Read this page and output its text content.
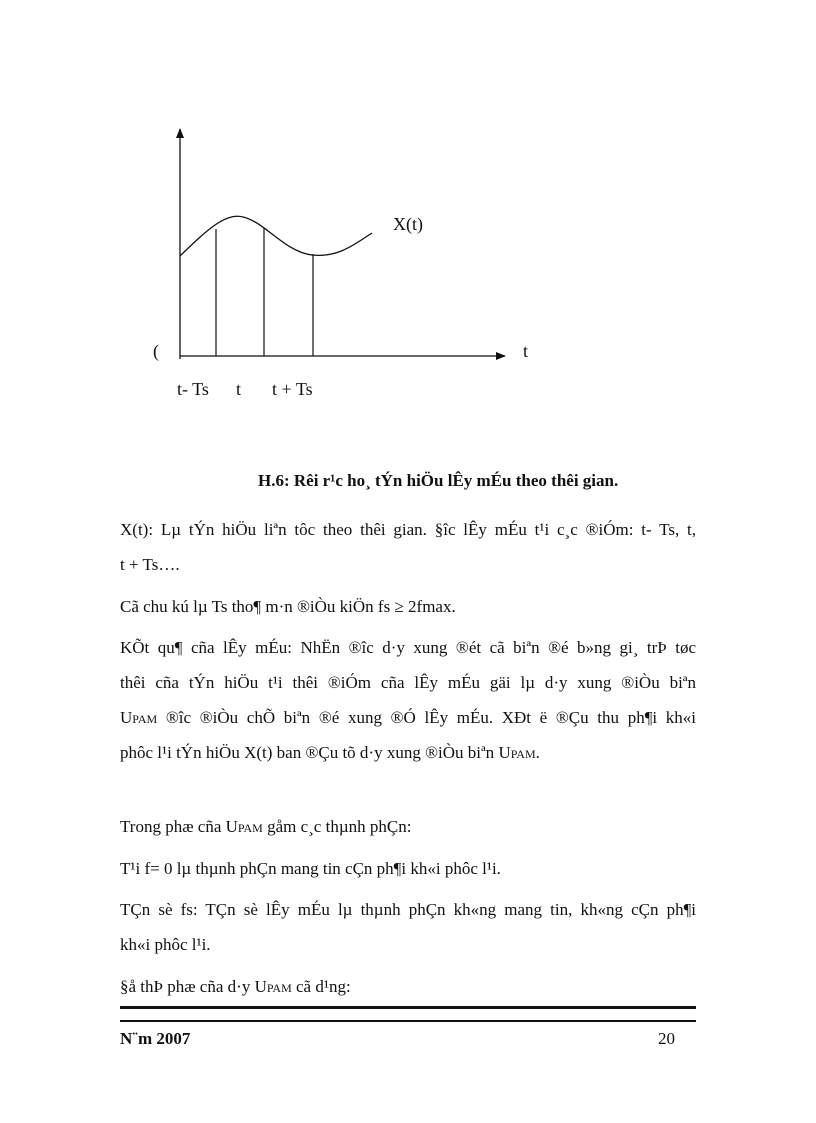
X(t)
(	t
t- Ts t t + Ts
H.6: Rêi r¹c ho¸ tÝn hiÖu lÊy mÉu theo thêi gian.
X(t): Lµ tÝn hiÖu liªn tôc theo thêi gian. §îc lÊy mÉu t¹i c¸c ®iÓm: t- Ts, t,
t + Ts….
Cã chu kú lµ Ts tho¶ m·n ®iÒu kiÖn fs ≥ 2fmax.
KÕt qu¶ cña lÊy mÉu: NhËn ®îc d·y xung ®ét cã biªn ®é b»ng gi¸ trÞ tøc
thêi cña tÝn hiÖu t¹i thêi ®iÓm cña lÊy mÉu gäi lµ d·y xung ®iÒu biªn
Upam ®îc ®iÒu chÕ biªn ®é xung ®Ó lÊy mÉu. XÐt ë ®Çu thu ph¶i kh«i
phôc l¹i tÝn hiÖu X(t) ban ®Çu tõ d·y xung ®iÒu biªn Upam.
Trong phæ cña Upam gåm c¸c thµnh phÇn:
T¹i f= 0 lµ thµnh phÇn mang tin cÇn ph¶i kh«i phôc l¹i.
TÇn sè fs: TÇn sè lÊy mÉu lµ thµnh phÇn kh«ng mang tin, kh«ng cÇn ph¶i
kh«i phôc l¹i.
§å thÞ phæ cña d·y Upam cã d¹ng:
N¨m 2007	20
